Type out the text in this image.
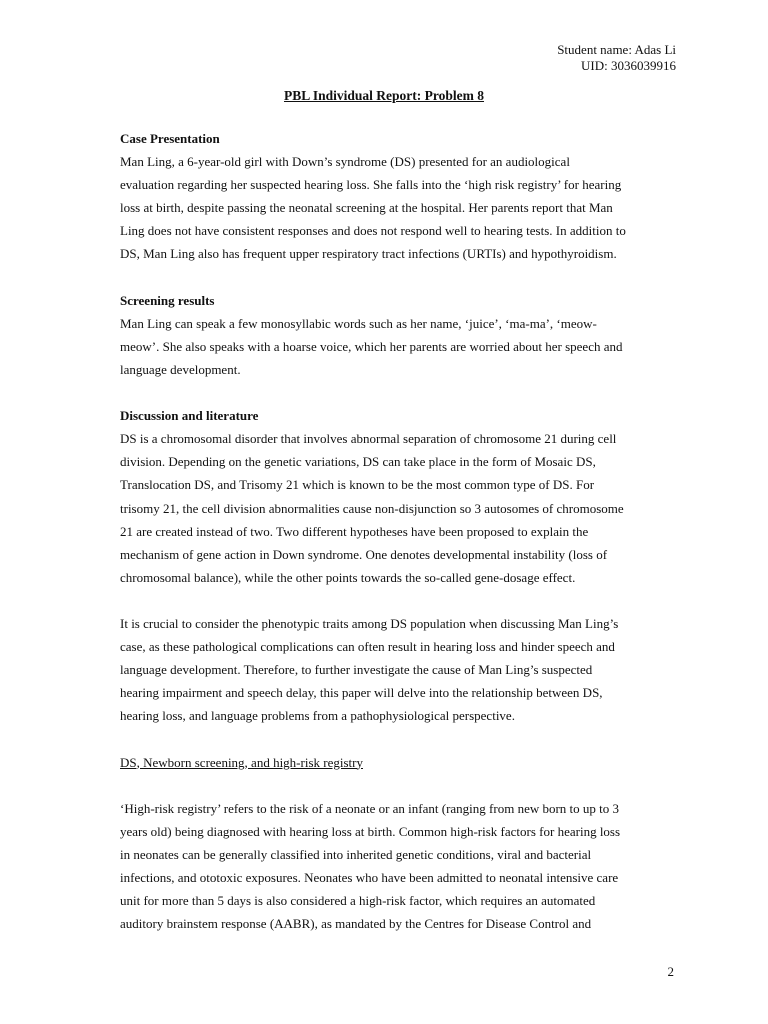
Student name: Adas Li
UID: 3036039916
PBL Individual Report: Problem 8

Case Presentation

Man Ling, a 6-year-old girl with Down’s syndrome (DS) presented for an audiological

evaluation regarding her suspected hearing loss. She falls into the ‘high risk registry’ for hearing

loss at birth, despite passing the neonatal screening at the hospital. Her parents report that Man

Ling does not have consistent responses and does not respond well to hearing tests. In addition to

DS, Man Ling also has frequent upper respiratory tract infections (URTIs) and hypothyroidism.

Screening results

Man Ling can speak a few monosyllabic words such as her name, ‘juice’, ‘ma-ma’, ‘meow-

meow’. She also speaks with a hoarse voice, which her parents are worried about her speech and

language development.

Discussion and literature

DS is a chromosomal disorder that involves abnormal separation of chromosome 21 during cell

division. Depending on the genetic variations, DS can take place in the form of Mosaic DS,

Translocation DS, and Trisomy 21 which is known to be the most common type of DS. For

trisomy 21, the cell division abnormalities cause non-disjunction so 3 autosomes of chromosome

21 are created instead of two. Two different hypotheses have been proposed to explain the

mechanism of gene action in Down syndrome. One denotes developmental instability (loss of

chromosomal balance), while the other points towards the so-called gene-dosage effect.

It is crucial to consider the phenotypic traits among DS population when discussing Man Ling’s

case, as these pathological complications can often result in hearing loss and hinder speech and

language development. Therefore, to further investigate the cause of Man Ling’s suspected

hearing impairment and speech delay, this paper will delve into the relationship between DS,

hearing loss, and language problems from a pathophysiological perspective.

DS, Newborn screening, and high-risk registry

‘High-risk registry’ refers to the risk of a neonate or an infant (ranging from new born to up to 3

years old) being diagnosed with hearing loss at birth. Common high-risk factors for hearing loss

in neonates can be generally classified into inherited genetic conditions, viral and bacterial

infections, and ototoxic exposures. Neonates who have been admitted to neonatal intensive care

unit for more than 5 days is also considered a high-risk factor, which requires an automated

auditory brainstem response (AABR), as mandated by the Centres for Disease Control and

2
